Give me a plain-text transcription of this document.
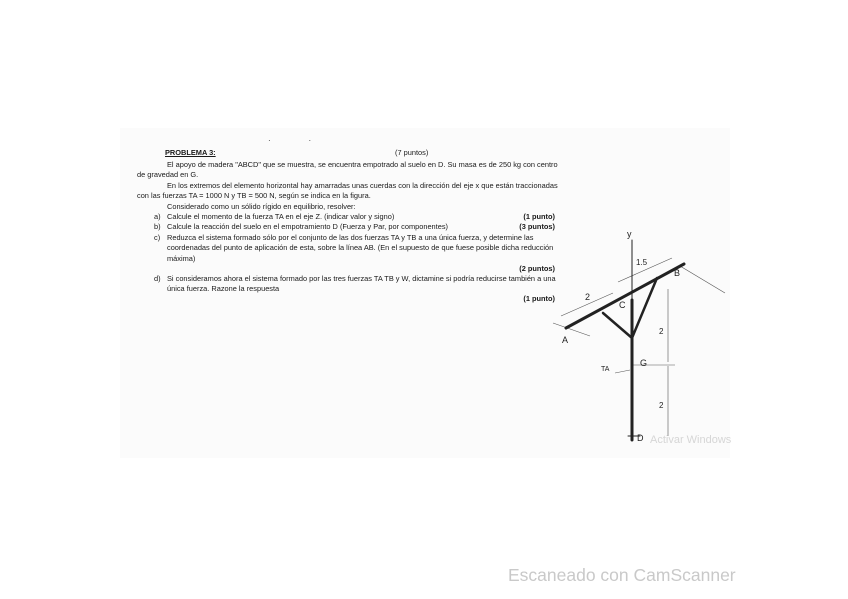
·                 ·
PROBLEMA 3:	(7 puntos)

El apoyo de madera "ABCD" que se muestra, se encuentra empotrado al suelo en D. Su masa es de 250 kg con centro de gravedad en G.

En los extremos del elemento horizontal hay amarradas unas cuerdas con la dirección del eje x que están traccionadas con las fuerzas TA = 1000 N y TB = 500 N, según se indica en la figura.

Considerado como un sólido rígido en equilibrio, resolver:

a) Calcule el momento de la fuerza TA en el eje Z. (indicar valor y signo)	(1 punto)
b) Calcule la reacción del suelo en el empotramiento D (Fuerza y Par, por componentes)	(3 puntos)
c) Reduzca el sistema formado sólo por el conjunto de las dos fuerzas TA y TB a una única fuerza, y determine las coordenadas del punto de aplicación de esta, sobre la línea AB. (En el supuesto de que fuese posible dicha reducción máxima)
(2 puntos)
d) Si consideramos ahora el sistema formado por las tres fuerzas TA TB y W, dictamine si podría reducirse también a una única fuerza. Razone la respuesta
(1 punto)
y
B
A
C
G
D
TA
2
1.5
2
2
Activar Windows
Escaneado con CamScanner
